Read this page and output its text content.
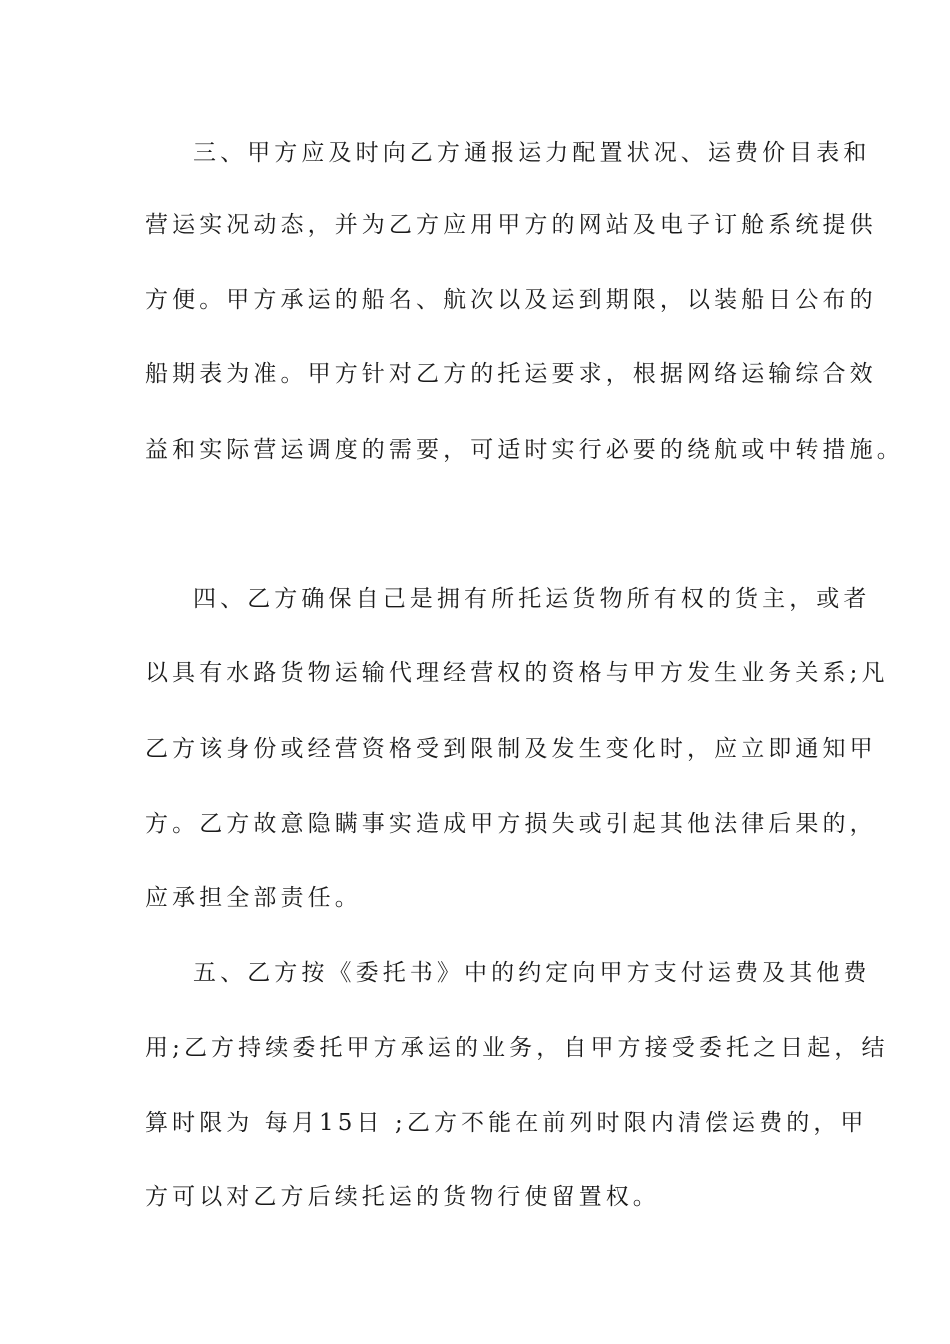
三、甲方应及时向乙方通报运力配置状况、运费价目表和
营运实况动态，并为乙方应用甲方的网站及电子订舱系统提供
方便。甲方承运的船名、航次以及运到期限，以装船日公布的
船期表为准。甲方针对乙方的托运要求，根据网络运输综合效
益和实际营运调度的需要，可适时实行必要的绕航或中转措施。
四、乙方确保自己是拥有所托运货物所有权的货主，或者
以具有水路货物运输代理经营权的资格与甲方发生业务关系;凡
乙方该身份或经营资格受到限制及发生变化时，应立即通知甲
方。乙方故意隐瞒事实造成甲方损失或引起其他法律后果的，
应承担全部责任。
五、乙方按《委托书》中的约定向甲方支付运费及其他费
用;乙方持续委托甲方承运的业务，自甲方接受委托之日起，结
算时限为 每月15日 ;乙方不能在前列时限内清偿运费的，甲
方可以对乙方后续托运的货物行使留置权。
